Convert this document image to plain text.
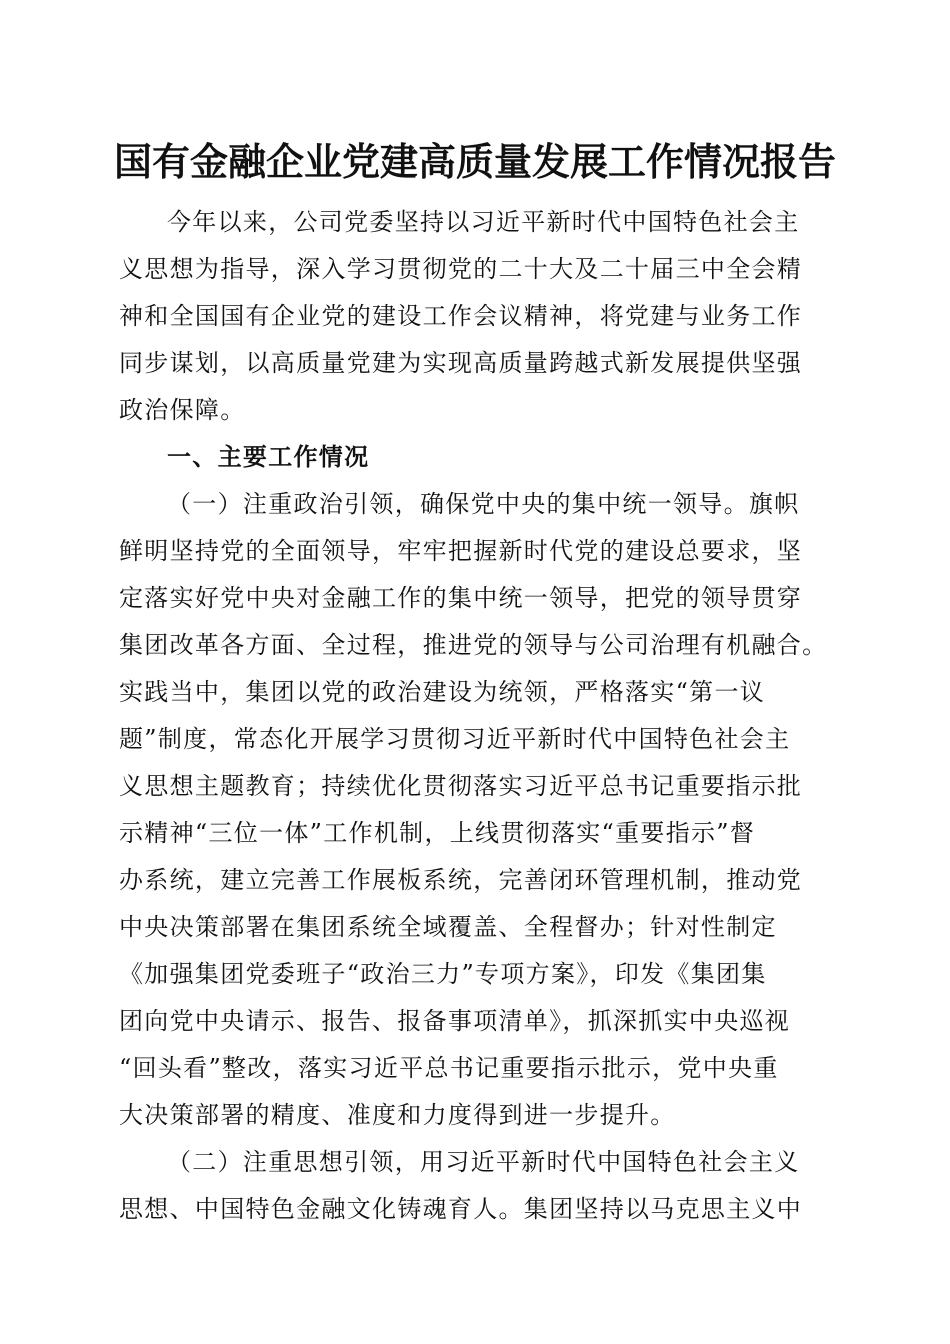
国有金融企业党建高质量发展工作情况报告
今年以来，公司党委坚持以习近平新时代中国特色社会主
义思想为指导，深入学习贯彻党的二十大及二十届三中全会精
神和全国国有企业党的建设工作会议精神，将党建与业务工作
同步谋划，以高质量党建为实现高质量跨越式新发展提供坚强
政治保障。
一、主要工作情况
（一）注重政治引领，确保党中央的集中统一领导。旗帜
鲜明坚持党的全面领导，牢牢把握新时代党的建设总要求，坚
定落实好党中央对金融工作的集中统一领导，把党的领导贯穿
集团改革各方面、全过程，推进党的领导与公司治理有机融合。
实践当中，集团以党的政治建设为统领，严格落实“第一议
题”制度，常态化开展学习贯彻习近平新时代中国特色社会主
义思想主题教育；持续优化贯彻落实习近平总书记重要指示批
示精神“三位一体”工作机制，上线贯彻落实“重要指示”督
办系统，建立完善工作展板系统，完善闭环管理机制，推动党
中央决策部署在集团系统全域覆盖、全程督办；针对性制定
《加强集团党委班子“政治三力”专项方案》，印发《集团集
团向党中央请示、报告、报备事项清单》，抓深抓实中央巡视
“回头看”整改，落实习近平总书记重要指示批示，党中央重
大决策部署的精度、准度和力度得到进一步提升。
（二）注重思想引领，用习近平新时代中国特色社会主义
思想、中国特色金融文化铸魂育人。集团坚持以马克思主义中
